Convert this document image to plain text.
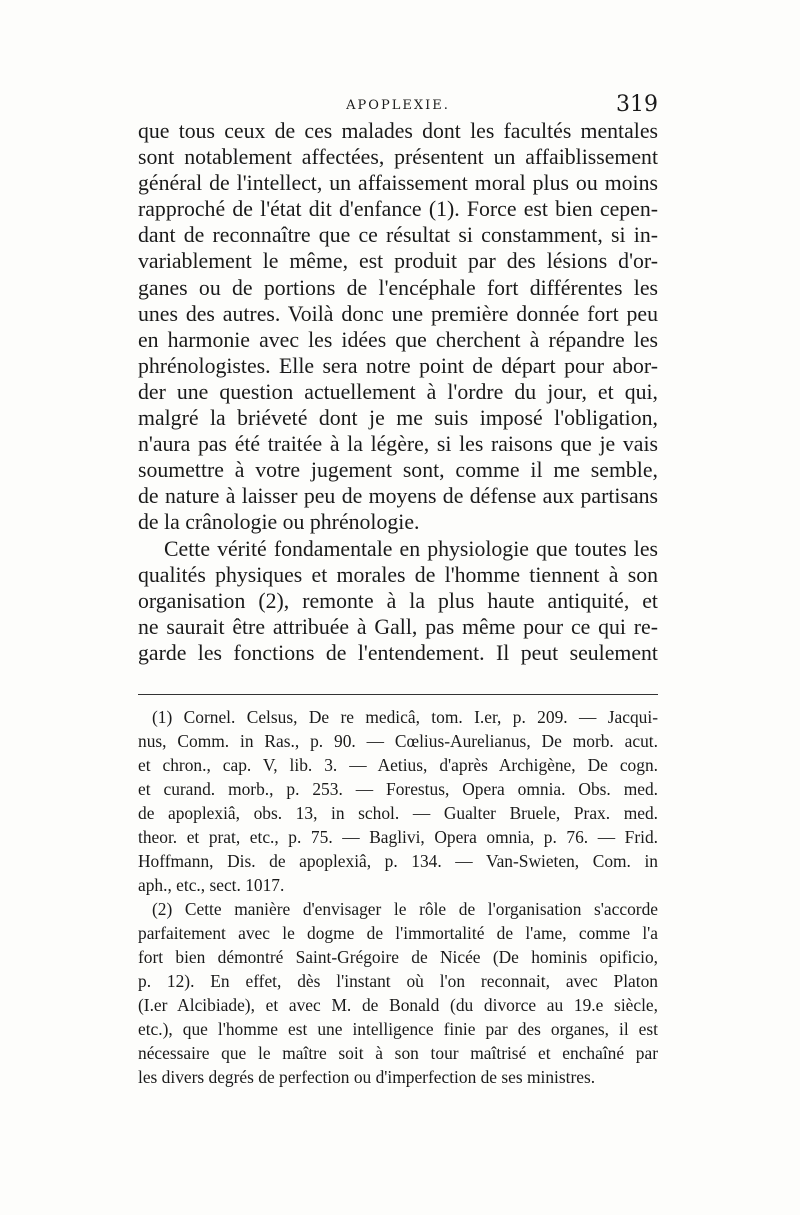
APOPLEXIE.	319
que tous ceux de ces malades dont les facultés mentales
sont notablement affectées, présentent un affaiblissement
général de l'intellect, un affaissement moral plus ou moins
rapproché de l'état dit d'enfance (1). Force est bien cepen-
dant de reconnaître que ce résultat si constamment, si in-
variablement le même, est produit par des lésions d'or-
ganes ou de portions de l'encéphale fort différentes les
unes des autres. Voilà donc une première donnée fort peu
en harmonie avec les idées que cherchent à répandre les
phrénologistes. Elle sera notre point de départ pour abor-
der une question actuellement à l'ordre du jour, et qui,
malgré la briéveté dont je me suis imposé l'obligation,
n'aura pas été traitée à la légère, si les raisons que je vais
soumettre à votre jugement sont, comme il me semble,
de nature à laisser peu de moyens de défense aux partisans
de la crânologie ou phrénologie.
Cette vérité fondamentale en physiologie que toutes les
qualités physiques et morales de l'homme tiennent à son
organisation (2), remonte à la plus haute antiquité, et
ne saurait être attribuée à Gall, pas même pour ce qui re-
garde les fonctions de l'entendement. Il peut seulement
(1) Cornel. Celsus, De re medicâ, tom. I.er, p. 209. — Jacqui-
nus, Comm. in Ras., p. 90. — Cœlius-Aurelianus, De morb. acut.
et chron., cap. V, lib. 3. — Aetius, d'après Archigène, De cogn.
et curand. morb., p. 253. — Forestus, Opera omnia. Obs. med.
de apoplexiâ, obs. 13, in schol. — Gualter Bruele, Prax. med.
theor. et prat, etc., p. 75. — Baglivi, Opera omnia, p. 76. — Frid.
Hoffmann, Dis. de apoplexiâ, p. 134. — Van-Swieten, Com. in
aph., etc., sect. 1017.
(2) Cette manière d'envisager le rôle de l'organisation s'accorde
parfaitement avec le dogme de l'immortalité de l'ame, comme l'a
fort bien démontré Saint-Grégoire de Nicée (De hominis opificio,
p. 12). En effet, dès l'instant où l'on reconnait, avec Platon
(I.er Alcibiade), et avec M. de Bonald (du divorce au 19.e siècle,
etc.), que l'homme est une intelligence finie par des organes, il est
nécessaire que le maître soit à son tour maîtrisé et enchaîné par
les divers degrés de perfection ou d'imperfection de ses ministres.
